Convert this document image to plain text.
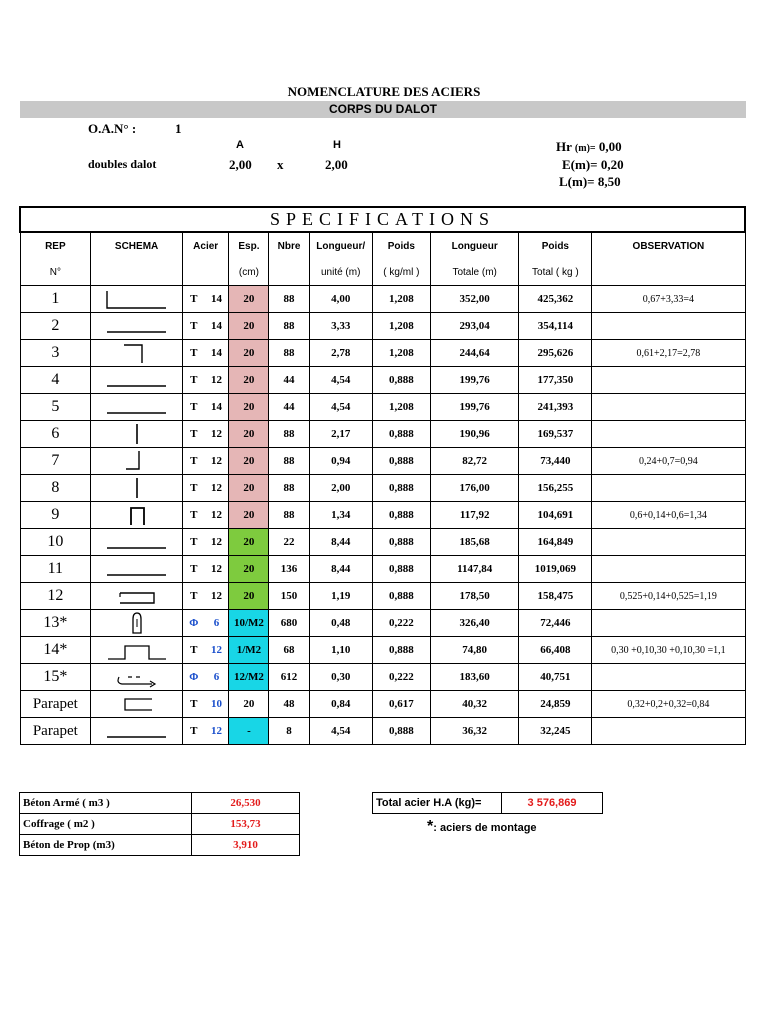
NOMENCLATURE DES ACIERS
CORPS DU DALOT
O.A.N° :	1
A	H
doubles dalot	2,00 x	2,00
Hr (m)= 0,00
E(m)= 0,20
L(m)= 8,50
SPECIFICATIONS										
REP	SCHEMA	Acier		Esp.	Nbre	Longueur/	Poids	Longueur	Poids	OBSERVATION
N°				(cm)		unité (m)	( kg/ml )	Totale (m)	Total ( kg )	
1		T	14	20	88	4,00	1,208	352,00	425,362	0,67+3,33=4
2		T	14	20	88	3,33	1,208	293,04	354,114	
3		T	14	20	88	2,78	1,208	244,64	295,626	0,61+2,17=2,78
4		T	12	20	44	4,54	0,888	199,76	177,350	
5		T	14	20	44	4,54	1,208	199,76	241,393	
6		T	12	20	88	2,17	0,888	190,96	169,537	
7		T	12	20	88	0,94	0,888	82,72	73,440	0,24+0,7=0,94
8		T	12	20	88	2,00	0,888	176,00	156,255	
9		T	12	20	88	1,34	0,888	117,92	104,691	0,6+0,14+0,6=1,34
10		T	12	20	22	8,44	0,888	185,68	164,849	
11		T	12	20	136	8,44	0,888	1147,84	1019,069	
12		T	12	20	150	1,19	0,888	178,50	158,475	0,525+0,14+0,525=1,19
13*		Φ	6	10/M2	680	0,48	0,222	326,40	72,446	
14*		T	12	1/M2	68	1,10	0,888	74,80	66,408	0,30 +0,10,30 +0,10,30 =1,1
15*		Φ	6	12/M2	612	0,30	0,222	183,60	40,751	
Parapet		T	10	20	48	0,84	0,617	40,32	24,859	0,32+0,2+0,32=0,84
Parapet		T	12	-	8	4,54	0,888	36,32	32,245	
Béton Armé ( m3 )	26,530
Coffrage ( m2 )	153,73
Béton de Prop (m3)	3,910
Total acier H.A (kg)=	3 576,869
*: aciers de montage
